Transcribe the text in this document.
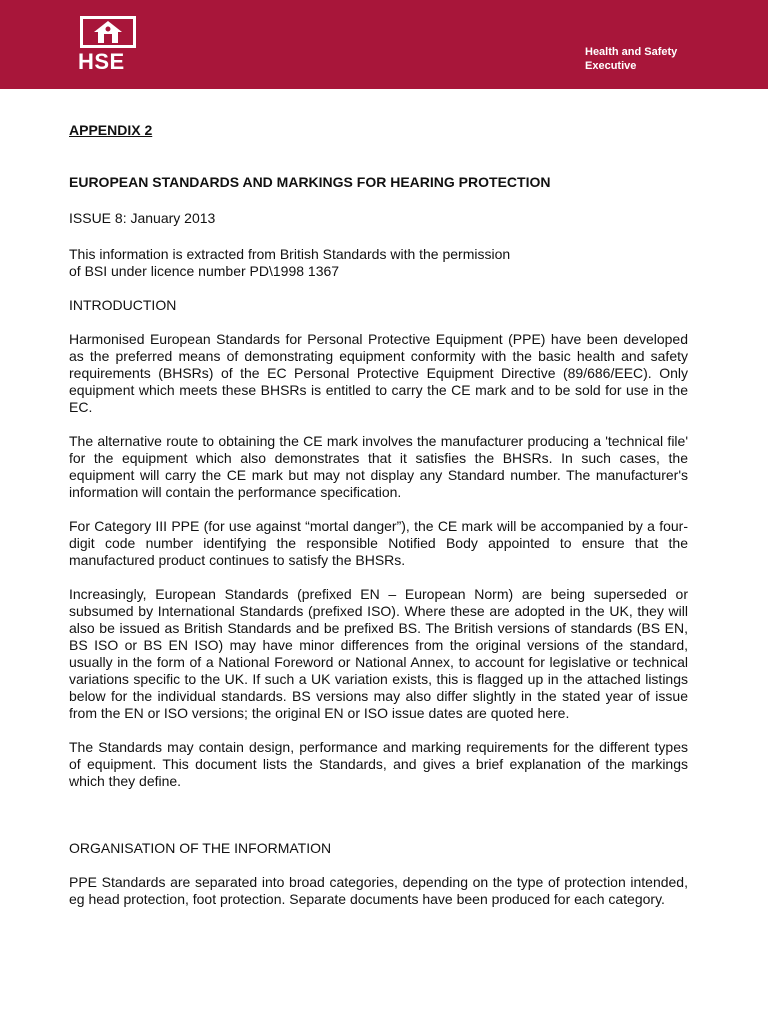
HSE	Health and Safety
Executive

APPENDIX 2

EUROPEAN STANDARDS AND MARKINGS FOR HEARING PROTECTION

ISSUE 8: January 2013

This information is extracted from British Standards with the permission
of BSI under licence number PD\1998 1367

INTRODUCTION

Harmonised European Standards for Personal Protective Equipment (PPE) have been developed as the preferred means of demonstrating equipment conformity with the basic health and safety requirements (BHSRs) of the EC Personal Protective Equipment Directive (89/686/EEC). Only equipment which meets these BHSRs is entitled to carry the CE mark and to be sold for use in the EC.

The alternative route to obtaining the CE mark involves the manufacturer producing a 'technical file' for the equipment which also demonstrates that it satisfies the BHSRs. In such cases, the equipment will carry the CE mark but may not display any Standard number. The manufacturer's information will contain the performance specification.

For Category III PPE (for use against “mortal danger”), the CE mark will be accompanied by a four-digit code number identifying the responsible Notified Body appointed to ensure that the manufactured product continues to satisfy the BHSRs.

Increasingly, European Standards (prefixed EN – European Norm) are being superseded or subsumed by International Standards (prefixed ISO). Where these are adopted in the UK, they will also be issued as British Standards and be prefixed BS. The British versions of standards (BS EN, BS ISO or BS EN ISO) may have minor differences from the original versions of the standard, usually in the form of a National Foreword or National Annex, to account for legislative or technical variations specific to the UK. If such a UK variation exists, this is flagged up in the attached listings below for the individual standards. BS versions may also differ slightly in the stated year of issue from the EN or ISO versions; the original EN or ISO issue dates are quoted here.

The Standards may contain design, performance and marking requirements for the different types of equipment. This document lists the Standards, and gives a brief explanation of the markings which they define.

ORGANISATION OF THE INFORMATION

PPE Standards are separated into broad categories, depending on the type of protection intended, eg head protection, foot protection. Separate documents have been produced for each category.
